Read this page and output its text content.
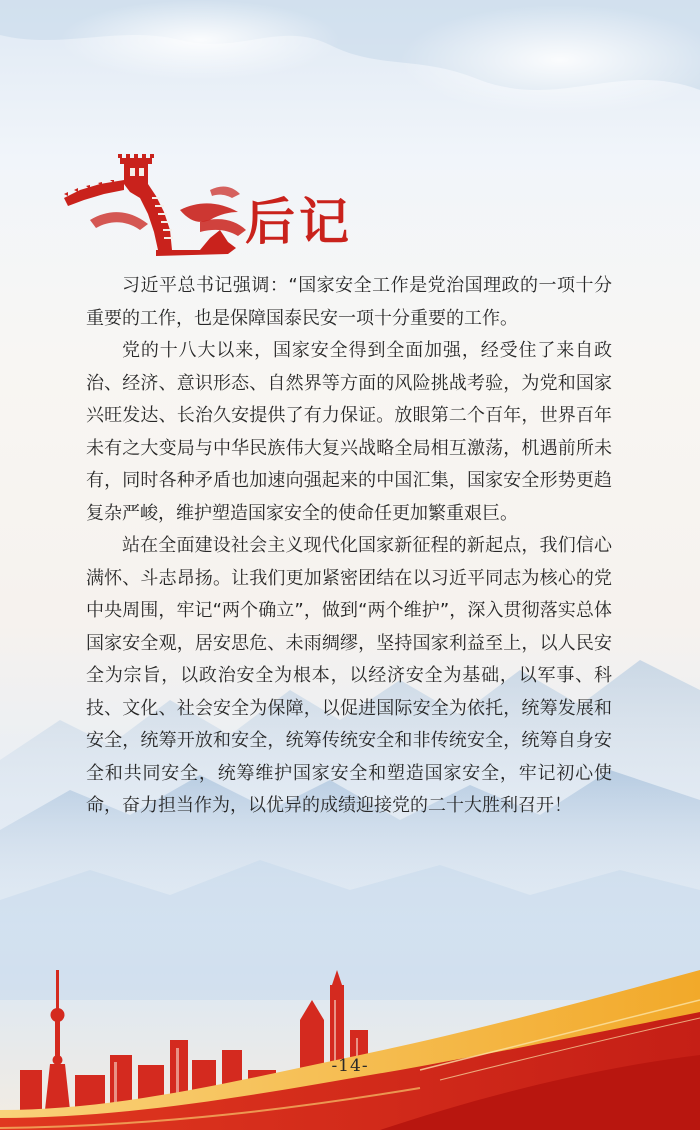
后记

习近平总书记强调：“国家安全工作是党治国理政的一项十分重要的工作，也是保障国泰民安一项十分重要的工作。

党的十八大以来，国家安全得到全面加强，经受住了来自政治、经济、意识形态、自然界等方面的风险挑战考验，为党和国家兴旺发达、长治久安提供了有力保证。放眼第二个百年，世界百年未有之大变局与中华民族伟大复兴战略全局相互激荡，机遇前所未有，同时各种矛盾也加速向强起来的中国汇集，国家安全形势更趋复杂严峻，维护塑造国家安全的使命任更加繁重艰巨。

站在全面建设社会主义现代化国家新征程的新起点，我们信心满怀、斗志昂扬。让我们更加紧密团结在以习近平同志为核心的党中央周围，牢记“两个确立”，做到“两个维护”，深入贯彻落实总体国家安全观，居安思危、未雨绸缪，坚持国家利益至上，以人民安全为宗旨，以政治安全为根本，以经济安全为基础，以军事、科技、文化、社会安全为保障，以促进国际安全为依托，统筹发展和安全，统筹开放和安全，统筹传统安全和非传统安全，统筹自身安全和共同安全，统筹维护国家安全和塑造国家安全，牢记初心使命，奋力担当作为，以优异的成绩迎接党的二十大胜利召开！

-14-
